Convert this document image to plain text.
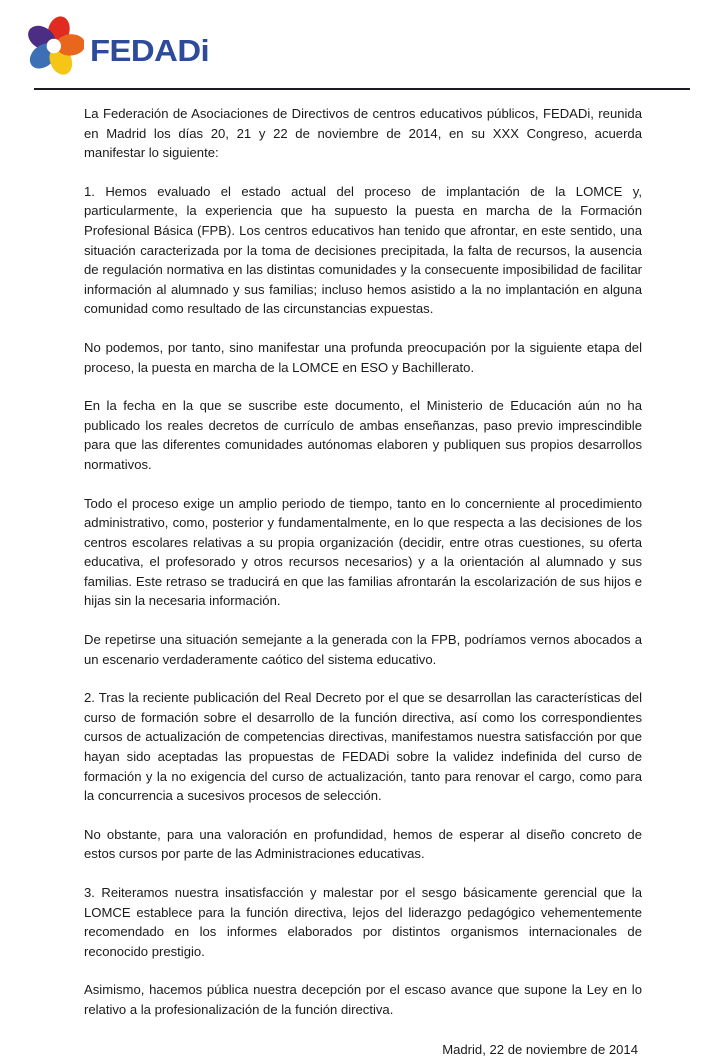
FEDADi

La Federación de Asociaciones de Directivos de centros educativos públicos, FEDADi, reunida en Madrid los días 20, 21 y 22 de noviembre de 2014, en su XXX Congreso, acuerda manifestar lo siguiente:

1. Hemos evaluado el estado actual del proceso de implantación de la LOMCE y, particularmente, la experiencia que ha supuesto la puesta en marcha de la Formación Profesional Básica (FPB). Los centros educativos han tenido que afrontar, en este sentido, una situación caracterizada por la toma de decisiones precipitada, la falta de recursos, la ausencia de regulación normativa en las distintas comunidades y la consecuente imposibilidad de facilitar información al alumnado y sus familias; incluso hemos asistido a la no implantación en alguna comunidad como resultado de las circunstancias expuestas.

No podemos, por tanto, sino manifestar una profunda preocupación por la siguiente etapa del proceso, la puesta en marcha de la LOMCE en ESO y Bachillerato.

En la fecha en la que se suscribe este documento, el Ministerio de Educación aún no ha publicado los reales decretos de currículo de ambas enseñanzas, paso previo imprescindible para que las diferentes comunidades autónomas elaboren y publiquen sus propios desarrollos normativos.

Todo el proceso exige un amplio periodo de tiempo, tanto en lo concerniente al procedimiento administrativo, como, posterior y fundamentalmente, en lo que respecta a las decisiones de los centros escolares relativas a su propia organización (decidir, entre otras cuestiones, su oferta educativa, el profesorado y otros recursos necesarios) y a la orientación al alumnado y sus familias. Este retraso se traducirá en que las familias afrontarán la escolarización de sus hijos e hijas sin la necesaria información.

De repetirse una situación semejante a la generada con la FPB, podríamos vernos abocados a un escenario verdaderamente caótico del sistema educativo.

2. Tras la reciente publicación del Real Decreto por el que se desarrollan las características del curso de formación sobre el desarrollo de la función directiva, así como los correspondientes cursos de actualización de competencias directivas, manifestamos nuestra satisfacción por que hayan sido aceptadas las propuestas de FEDADi sobre la validez indefinida del curso de formación y la no exigencia del curso de actualización, tanto para renovar el cargo, como para la concurrencia a sucesivos procesos de selección.

No obstante, para una valoración en profundidad, hemos de esperar al diseño concreto de estos cursos por parte de las Administraciones educativas.

3. Reiteramos nuestra insatisfacción y malestar por el sesgo básicamente gerencial que la LOMCE establece para la función directiva, lejos del liderazgo pedagógico vehementemente recomendado en los informes elaborados por distintos organismos internacionales de reconocido prestigio.

Asimismo, hacemos pública nuestra decepción por el escaso avance que supone la Ley en lo relativo a la profesionalización de la función directiva.

Madrid, 22 de noviembre de 2014
